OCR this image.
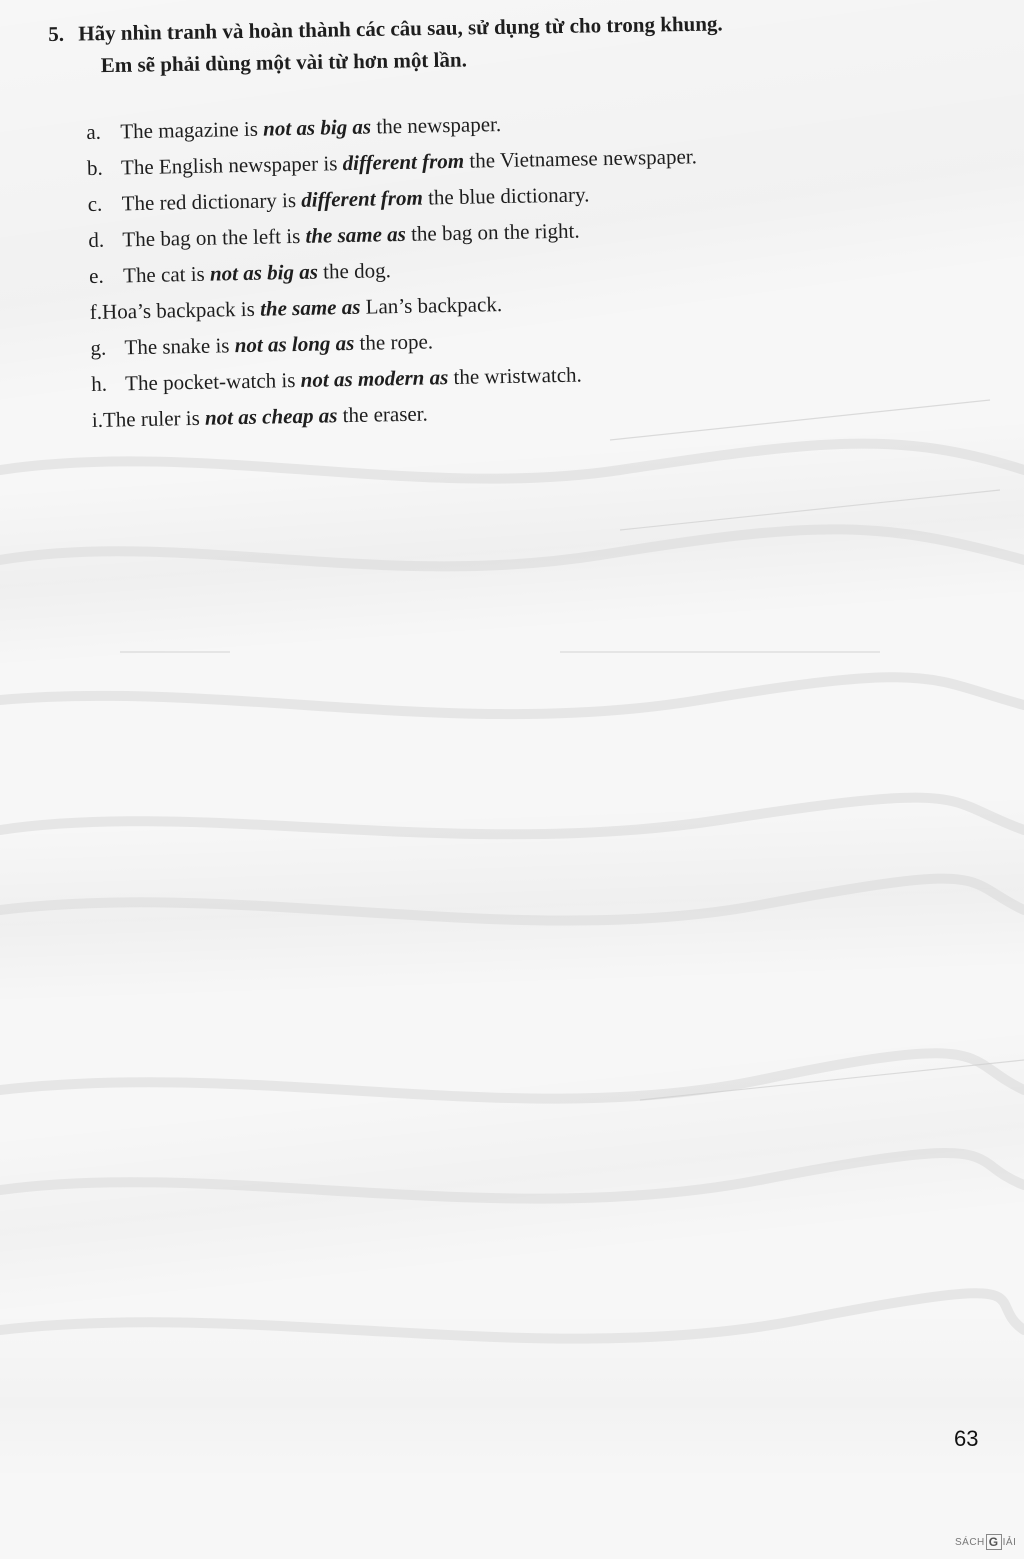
5. Hãy nhìn tranh và hoàn thành các câu sau, sử dụng từ cho trong khung.
Em sẽ phải dùng một vài từ hơn một lần.
a. The magazine is not as big as the newspaper.
b. The English newspaper is different from the Vietnamese newspaper.
c. The red dictionary is different from the blue dictionary.
d. The bag on the left is the same as the bag on the right.
e. The cat is not as big as the dog.
f.Hoa’s backpack is the same as Lan’s backpack.
g. The snake is not as long as the rope.
h. The pocket-watch is not as modern as the wristwatch.
i.The ruler is not as cheap as the eraser.
63
SÁCH G IẢI
